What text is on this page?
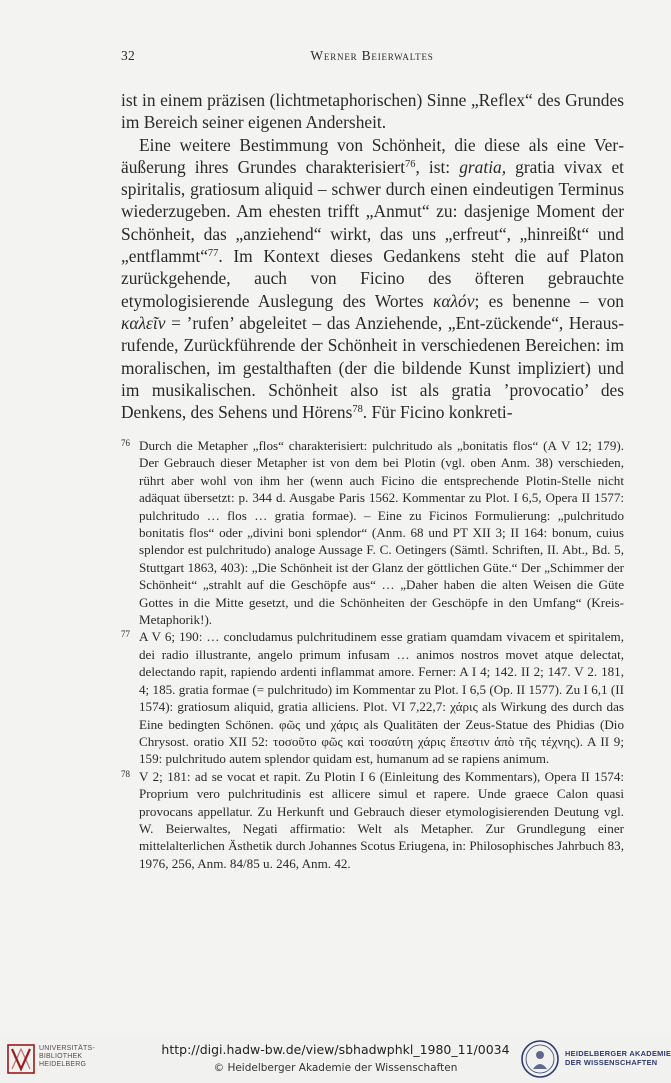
32	Werner Beierwaltes

ist in einem präzisen (lichtmetaphorischen) Sinne „Reflex“ des Grundes im Bereich seiner eigenen Andersheit.

Eine weitere Bestimmung von Schönheit, die diese als eine Veräußerung ihres Grundes charakterisiert$^{76}$, ist: gratia, gratia vivax et spiritalis, gratiosum aliquid – schwer durch einen eindeutigen Terminus wiederzugeben. Am ehesten trifft „Anmut“ zu: dasjenige Moment der Schönheit, das „anziehend“ wirkt, das uns „erfreut“, „hinreißt“ und „entflammt“$^{77}$. Im Kontext dieses Gedankens steht die auf Platon zurückgehende, auch von Ficino des öfteren gebrauchte etymologisierende Auslegung des Wortes καλόν; es benenne – von καλεῖν = ’rufen’ abgeleitet – das Anziehende, „Ent-zückende“, Herausrufende, Zurückführende der Schönheit in verschiedenen Bereichen: im moralischen, im gestalthaften (der die bildende Kunst impliziert) und im musikalischen. Schönheit also ist als gratia ’provocatio’ des Denkens, des Sehens und Hörens$^{78}$. Für Ficino konkreti-

76 Durch die Metapher „flos“ charakterisiert: pulchritudo als „bonitatis flos“ (A V 12; 179). Der Gebrauch dieser Metapher ist von dem bei Plotin (vgl. oben Anm. 38) verschieden, rührt aber wohl von ihm her (wenn auch Ficino die entsprechende Plotin-Stelle nicht adäquat übersetzt: p. 344 d. Ausgabe Paris 1562. Kommentar zu Plot. I 6,5, Opera II 1577: pulchritudo … flos … gratia formae). – Eine zu Ficinos Formulierung: „pulchritudo bonitatis flos“ oder „divini boni splendor“ (Anm. 68 und PT XII 3; II 164: bonum, cuius splendor est pulchritudo) analoge Aussage F. C. Oetingers (Sämtl. Schriften, II. Abt., Bd. 5, Stuttgart 1863, 403): „Die Schönheit ist der Glanz der göttlichen Güte.“ Der „Schimmer der Schönheit“ „strahlt auf die Geschöpfe aus“ … „Daher haben die alten Weisen die Güte Gottes in die Mitte gesetzt, und die Schönheiten der Geschöpfe in den Umfang“ (Kreis-Metaphorik!).

77 A V 6; 190: … concludamus pulchritudinem esse gratiam quamdam vivacem et spiritalem, dei radio illustrante, angelo primum infusam … animos nostros movet atque delectat, delectando rapit, rapiendo ardenti inflammat amore. Ferner: A I 4; 142. II 2; 147. V 2. 181, 4; 185. gratia formae (= pulchritudo) im Kommentar zu Plot. I 6,5 (Op. II 1577). Zu I 6,1 (II 1574): gratiosum aliquid, gratia alliciens. Plot. VI 7,22,7: χάρις als Wirkung des durch das Eine bedingten Schönen. φῶς und χάρις als Qualitäten der Zeus-Statue des Phidias (Dio Chrysost. oratio XII 52: τοσοῦτο φῶς καὶ τοσαύτη χάρις ἔπεστιν ἀπὸ τῆς τέχνης). A II 9; 159: pulchritudo autem splendor quidam est, humanum ad se rapiens animum.

78 V 2; 181: ad se vocat et rapit. Zu Plotin I 6 (Einleitung des Kommentars), Opera II 1574: Proprium vero pulchritudinis est allicere simul et rapere. Unde graece Calon quasi provocans appellatur. Zu Herkunft und Gebrauch dieser etymologisierenden Deutung vgl. W. Beierwaltes, Negati affirmatio: Welt als Metapher. Zur Grundlegung einer mittelalterlichen Ästhetik durch Johannes Scotus Eriugena, in: Philosophisches Jahrbuch 83, 1976, 256, Anm. 84/85 u. 246, Anm. 42.

UNIVERSITÄTS-
BIBLIOTHEK
HEIDELBERG
http://digi.hadw-bw.de/view/sbhadwphkl_1980_11/0034
© Heidelberger Akademie der Wissenschaften
HEIDELBERGER AKADEMIE
DER WISSENSCHAFTEN
